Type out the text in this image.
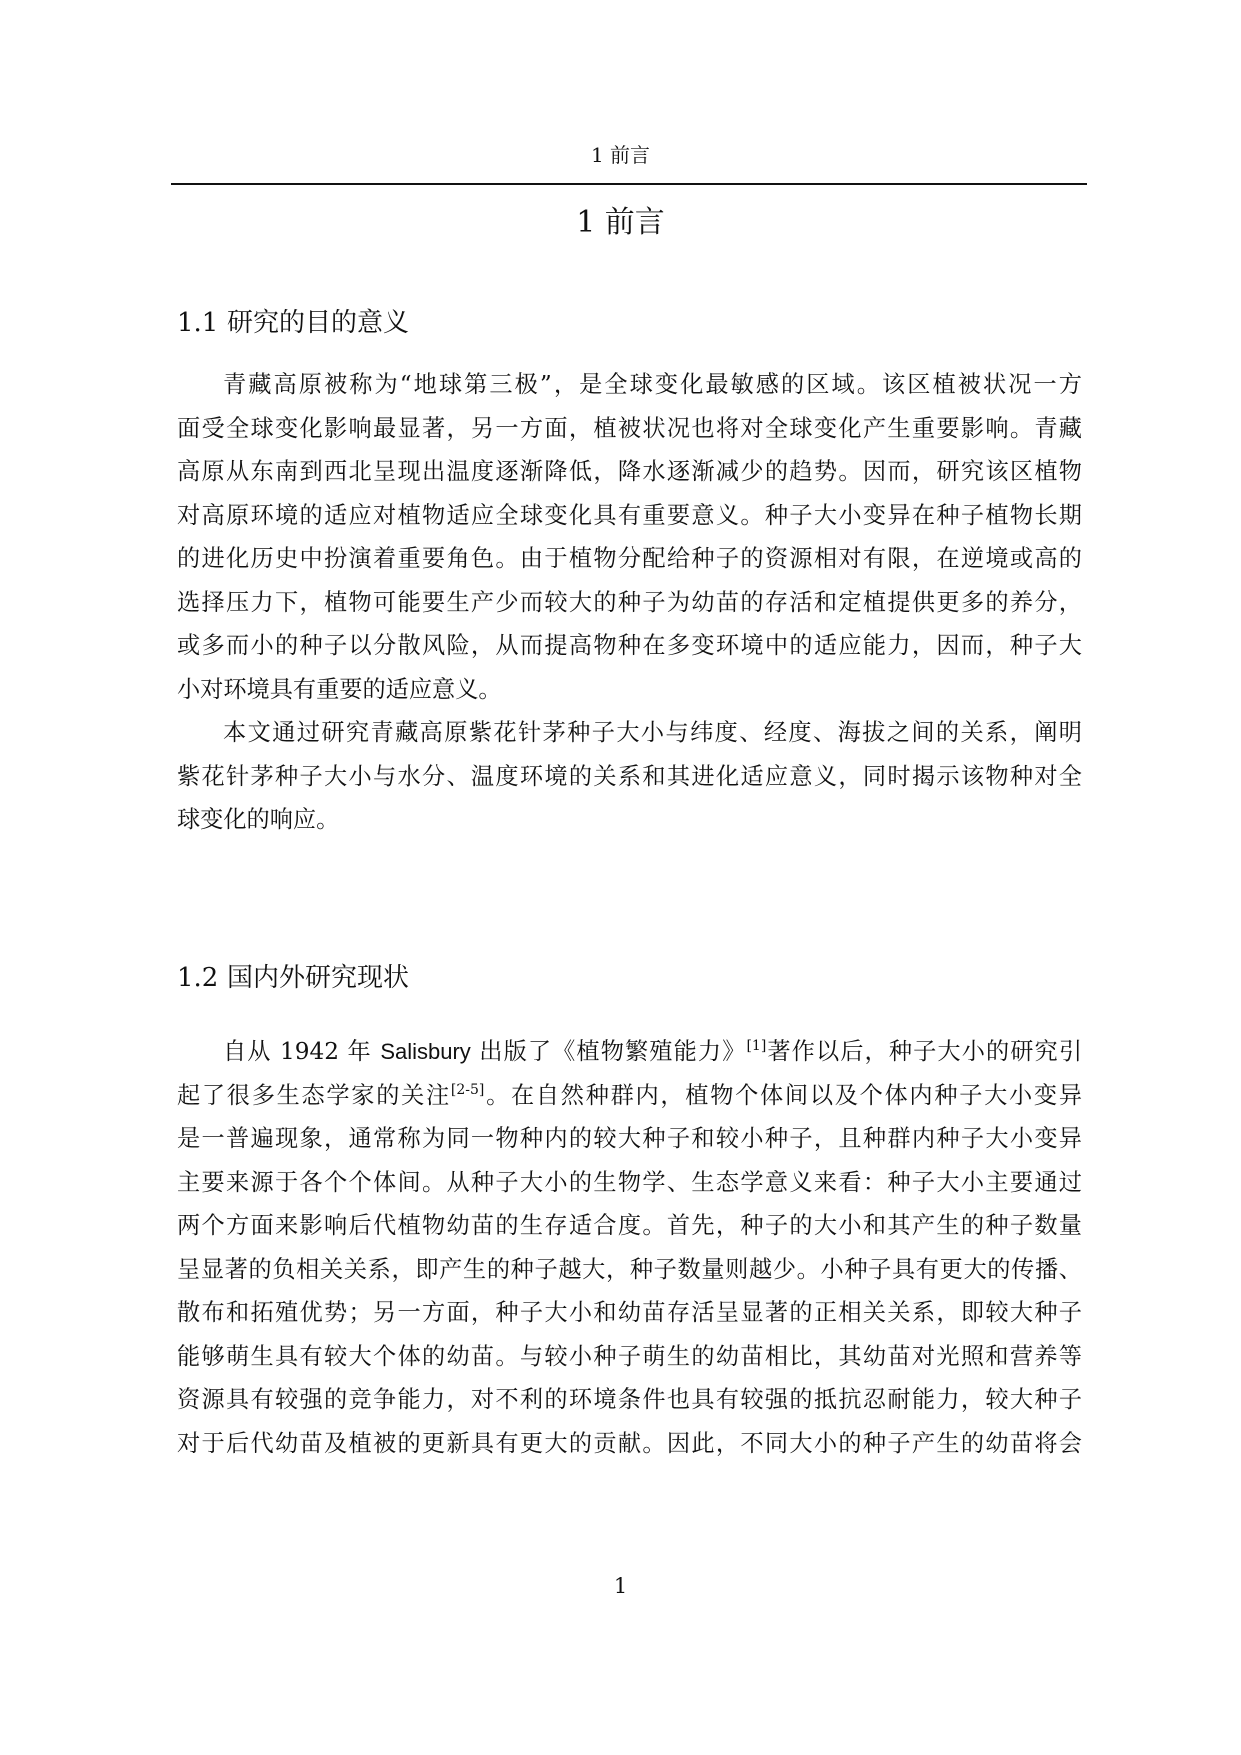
1 前言
1 前言
1.1 研究的目的意义
青藏高原被称为“地球第三极”，是全球变化最敏感的区域。该区植被状况一方
面受全球变化影响最显著，另一方面，植被状况也将对全球变化产生重要影响。青藏
高原从东南到西北呈现出温度逐渐降低，降水逐渐减少的趋势。因而，研究该区植物
对高原环境的适应对植物适应全球变化具有重要意义。种子大小变异在种子植物长期
的进化历史中扮演着重要角色。由于植物分配给种子的资源相对有限，在逆境或高的
选择压力下，植物可能要生产少而较大的种子为幼苗的存活和定植提供更多的养分，
或多而小的种子以分散风险，从而提高物种在多变环境中的适应能力，因而，种子大
小对环境具有重要的适应意义。
本文通过研究青藏高原紫花针茅种子大小与纬度、经度、海拔之间的关系，阐明
紫花针茅种子大小与水分、温度环境的关系和其进化适应意义，同时揭示该物种对全
球变化的响应。
1.2 国内外研究现状
自从 1942 年 Salisbury 出版了《植物繁殖能力》[1]著作以后，种子大小的研究引
起了很多生态学家的关注[2-5]。在自然种群内，植物个体间以及个体内种子大小变异
是一普遍现象，通常称为同一物种内的较大种子和较小种子，且种群内种子大小变异
主要来源于各个个体间。从种子大小的生物学、生态学意义来看：种子大小主要通过
两个方面来影响后代植物幼苗的生存适合度。首先，种子的大小和其产生的种子数量
呈显著的负相关关系，即产生的种子越大，种子数量则越少。小种子具有更大的传播、
散布和拓殖优势；另一方面，种子大小和幼苗存活呈显著的正相关关系，即较大种子
能够萌生具有较大个体的幼苗。与较小种子萌生的幼苗相比，其幼苗对光照和营养等
资源具有较强的竞争能力，对不利的环境条件也具有较强的抵抗忍耐能力，较大种子
对于后代幼苗及植被的更新具有更大的贡献。因此，不同大小的种子产生的幼苗将会
1
